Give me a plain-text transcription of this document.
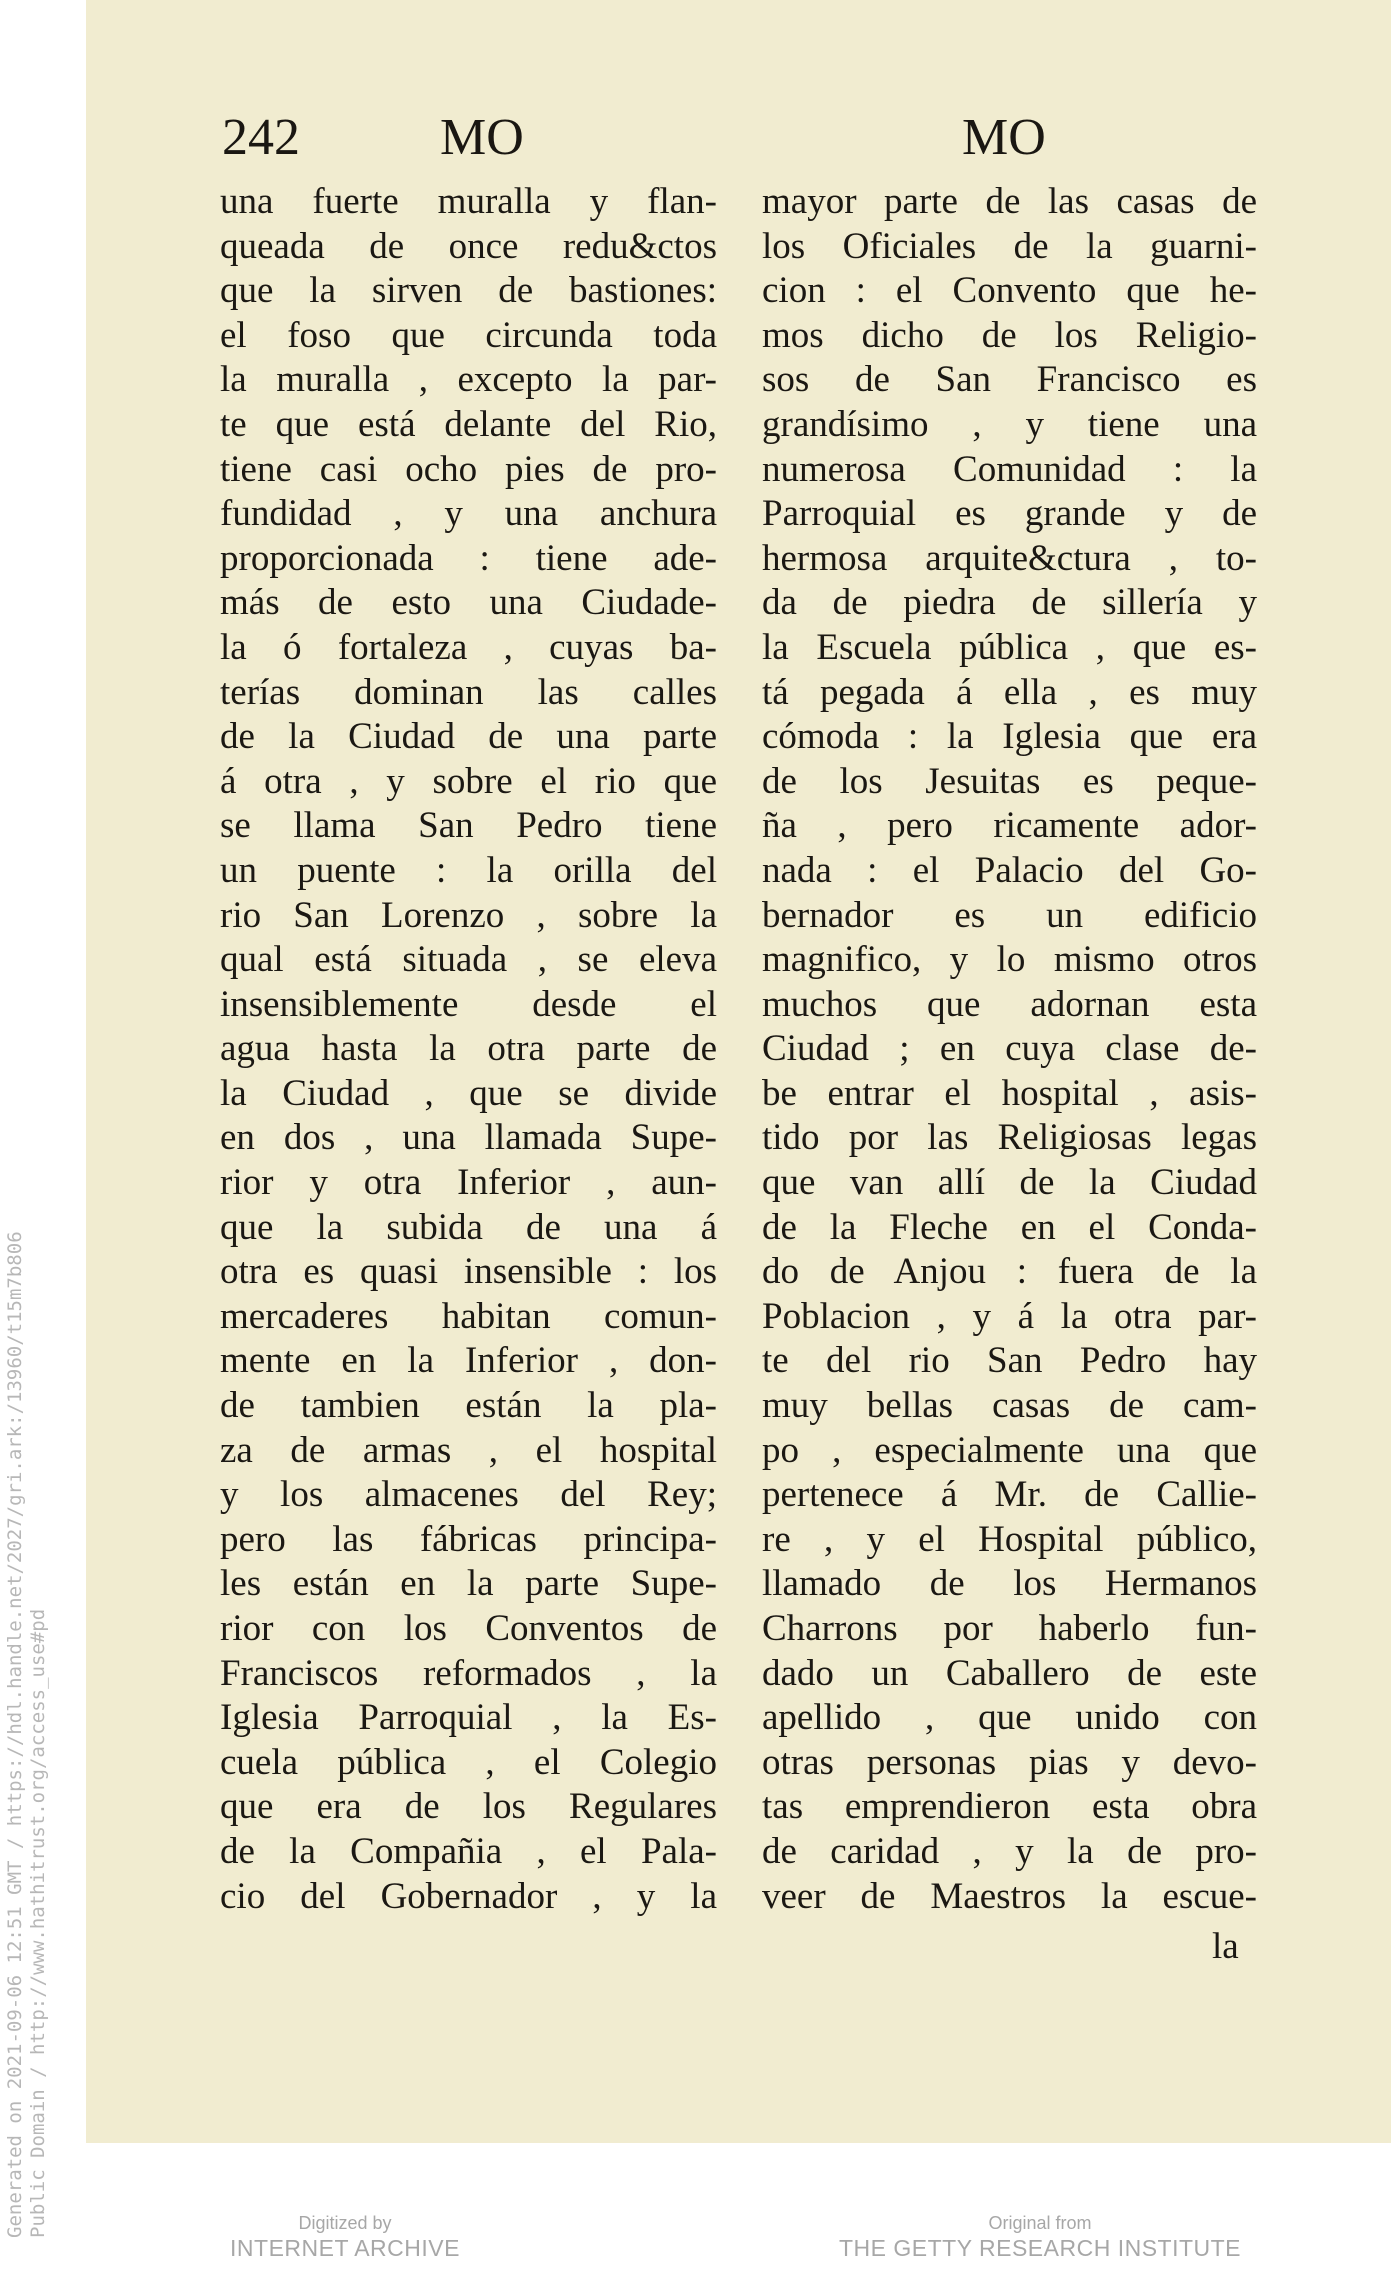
Generated on 2021-09-06 12:51 GMT / https://hdl.handle.net/2027/gri.ark:/13960/t15m7b806 Public Domain / http://www.hathitrust.org/access_use#pd
242	MO	MO
una fuerte muralla y flan-
queada de once redu&ctos
que la sirven de bastiones:
el foso que circunda toda
la muralla , excepto la par-
te que está delante del Rio,
tiene casi ocho pies de pro-
fundidad , y una anchura
proporcionada : tiene ade-
más de esto una Ciudade-
la ó fortaleza , cuyas ba-
terías dominan las calles
de la Ciudad de una parte
á otra , y sobre el rio que
se llama San Pedro tiene
un puente : la orilla del
rio San Lorenzo , sobre la
qual está situada , se eleva
insensiblemente desde el
agua hasta la otra parte de
la Ciudad , que se divide
en dos , una llamada Supe-
rior y otra Inferior , aun-
que la subida de una á
otra es quasi insensible : los
mercaderes habitan comun-
mente en la Inferior , don-
de tambien están la pla-
za de armas , el hospital
y los almacenes del Rey;
pero las fábricas principa-
les están en la parte Supe-
rior con los Conventos de
Franciscos reformados , la
Iglesia Parroquial , la Es-
cuela pública , el Colegio
que era de los Regulares
de la Compañia , el Pala-
cio del Gobernador , y la
mayor parte de las casas de
los Oficiales de la guarni-
cion : el Convento que he-
mos dicho de los Religio-
sos de San Francisco es
grandísimo , y tiene una
numerosa Comunidad : la
Parroquial es grande y de
hermosa arquite&ctura , to-
da de piedra de sillería y
la Escuela pública , que es-
tá pegada á ella , es muy
cómoda : la Iglesia que era
de los Jesuitas es peque-
ña , pero ricamente ador-
nada : el Palacio del Go-
bernador es un edificio
magnifico, y lo mismo otros
muchos que adornan esta
Ciudad ; en cuya clase de-
be entrar el hospital , asis-
tido por las Religiosas legas
que van allí de la Ciudad
de la Fleche en el Conda-
do de Anjou : fuera de la
Poblacion , y á la otra par-
te del rio San Pedro hay
muy bellas casas de cam-
po , especialmente una que
pertenece á Mr. de Callie-
re , y el Hospital público,
llamado de los Hermanos
Charrons por haberlo fun-
dado un Caballero de este
apellido , que unido con
otras personas pias y devo-
tas emprendieron esta obra
de caridad , y la de pro-
veer de Maestros la escue-
la
Digitized by
INTERNET ARCHIVE
Original from
THE GETTY RESEARCH INSTITUTE
